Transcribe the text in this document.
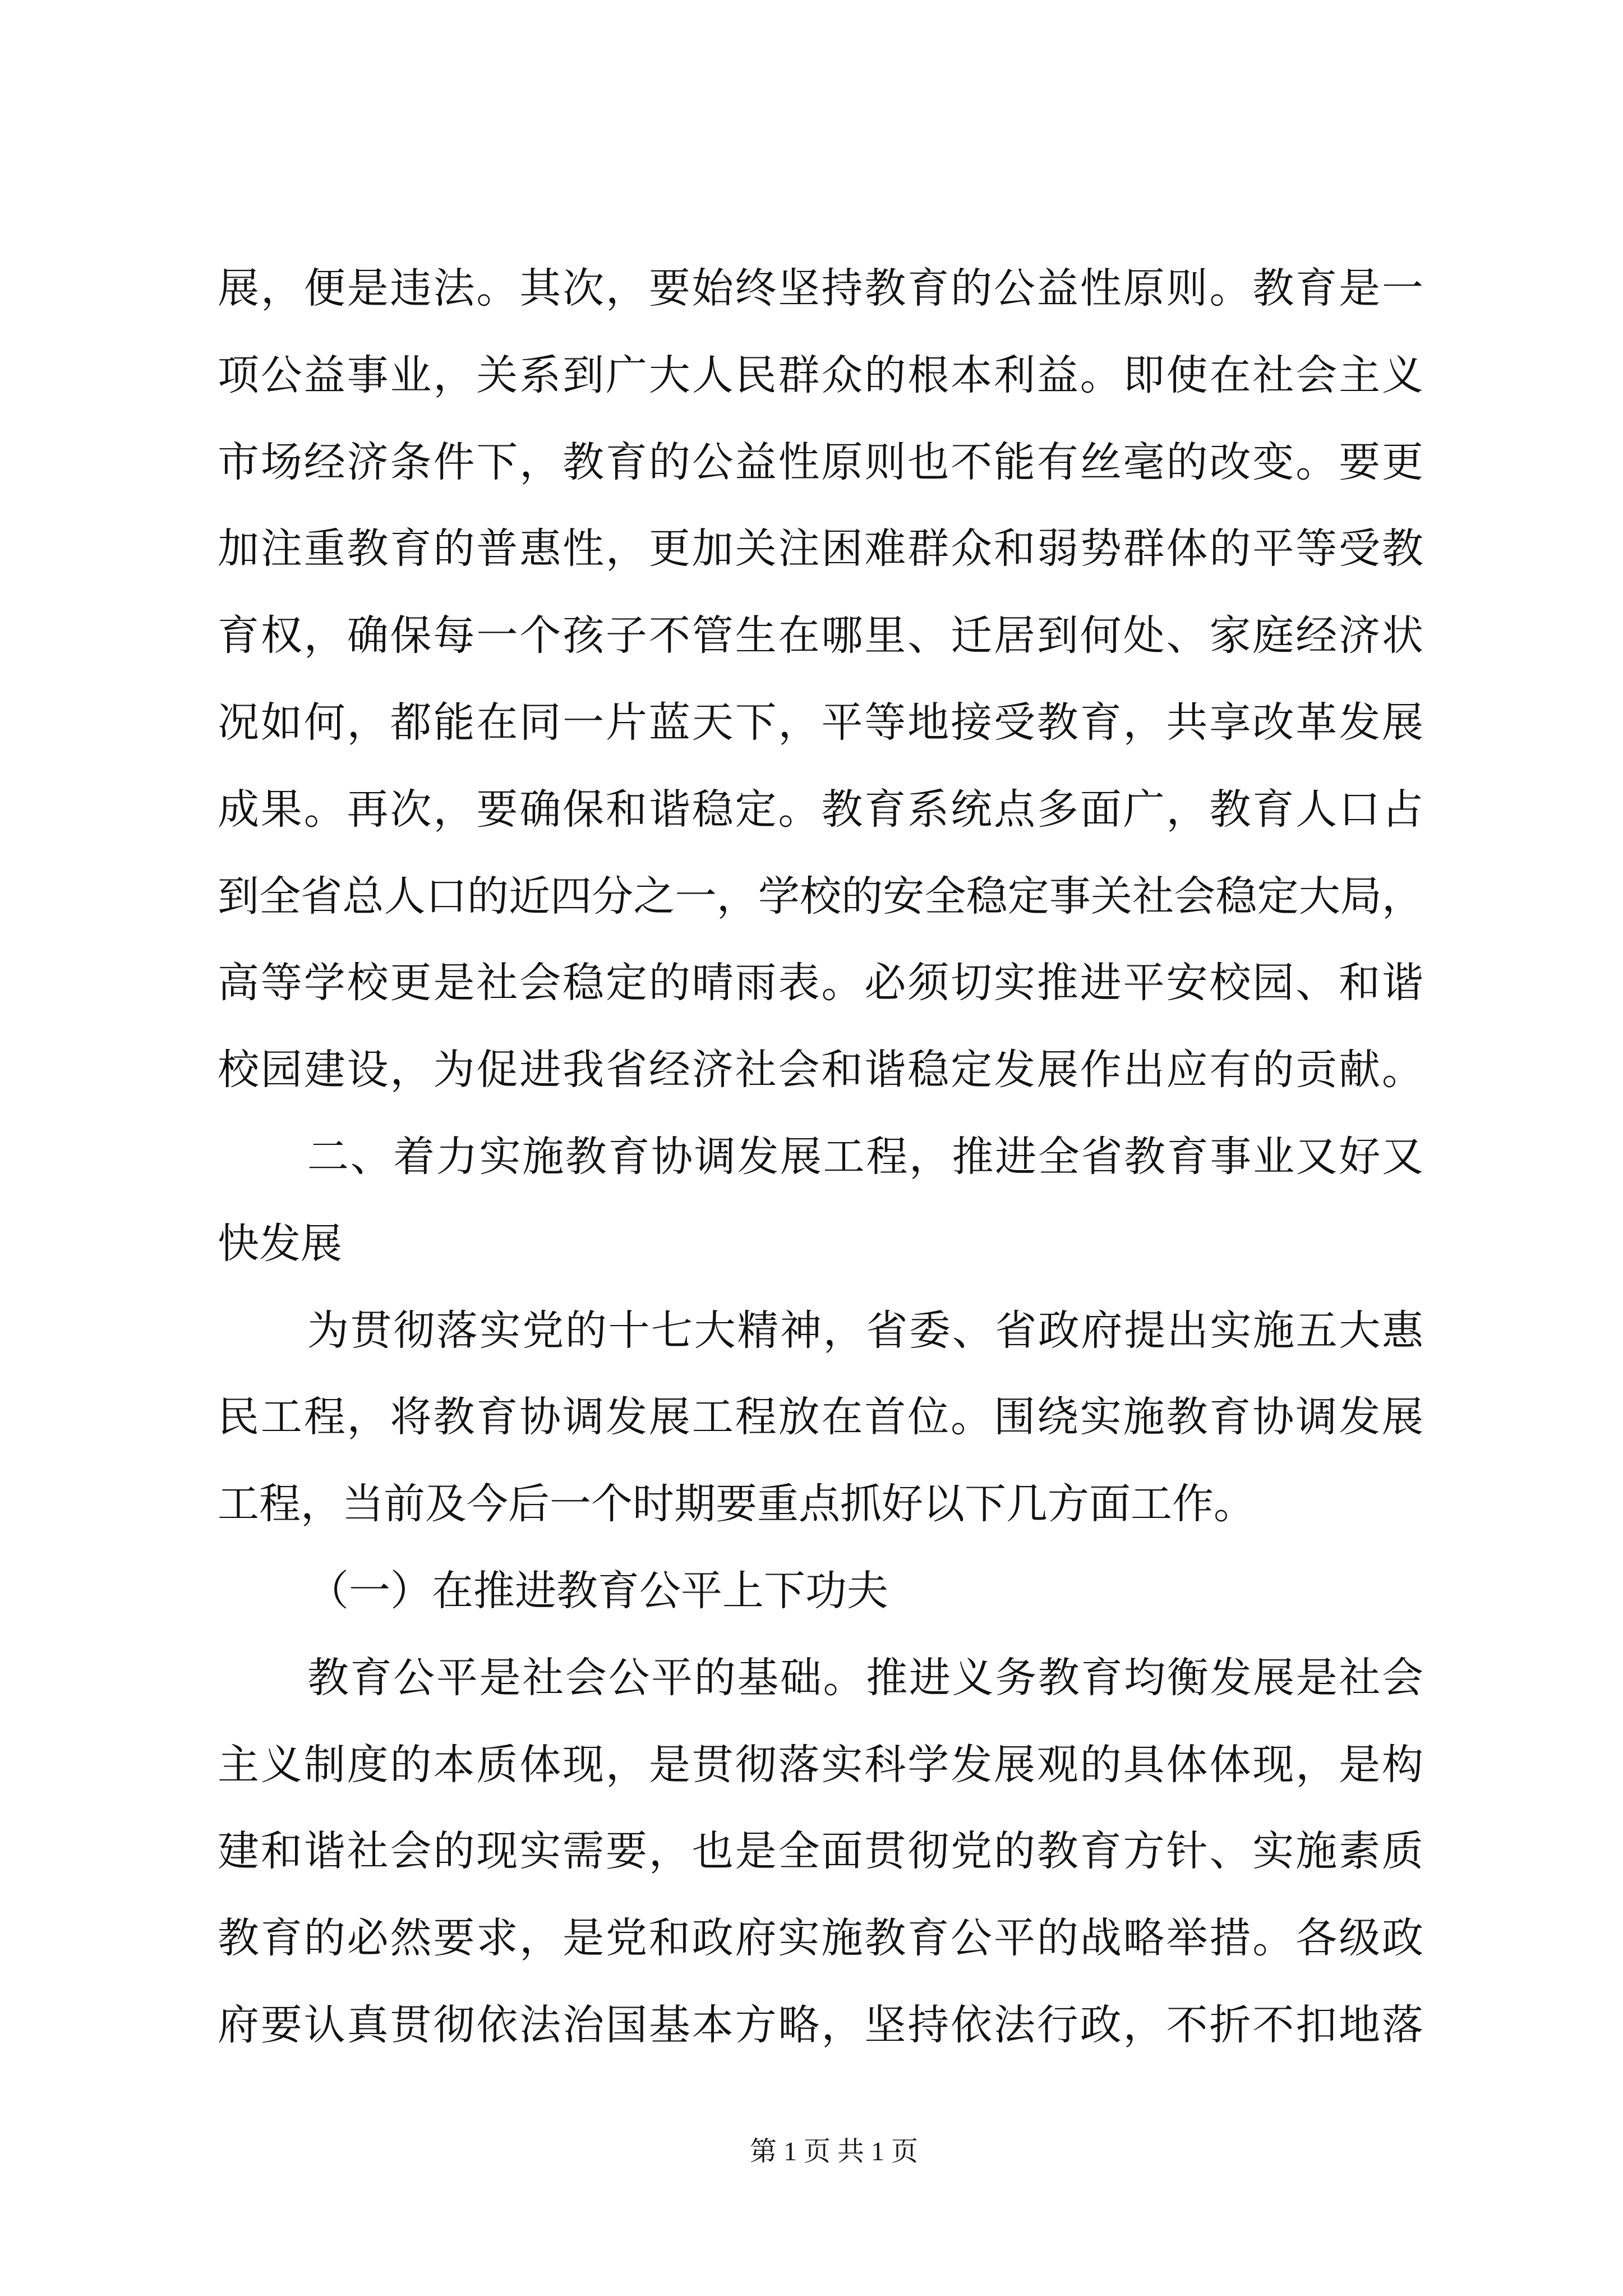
展，便是违法。其次，要始终坚持教育的公益性原则。教育是一
项公益事业，关系到广大人民群众的根本利益。即使在社会主义
市场经济条件下，教育的公益性原则也不能有丝毫的改变。要更
加注重教育的普惠性，更加关注困难群众和弱势群体的平等受教
育权，确保每一个孩子不管生在哪里、迁居到何处、家庭经济状
况如何，都能在同一片蓝天下，平等地接受教育，共享改革发展
成果。再次，要确保和谐稳定。教育系统点多面广，教育人口占
到全省总人口的近四分之一，学校的安全稳定事关社会稳定大局，
高等学校更是社会稳定的晴雨表。必须切实推进平安校园、和谐
校园建设，为促进我省经济社会和谐稳定发展作出应有的贡献。
二、着力实施教育协调发展工程，推进全省教育事业又好又
快发展
为贯彻落实党的十七大精神，省委、省政府提出实施五大惠
民工程，将教育协调发展工程放在首位。围绕实施教育协调发展
工程，当前及今后一个时期要重点抓好以下几方面工作。
（一）在推进教育公平上下功夫
教育公平是社会公平的基础。推进义务教育均衡发展是社会
主义制度的本质体现，是贯彻落实科学发展观的具体体现，是构
建和谐社会的现实需要，也是全面贯彻党的教育方针、实施素质
教育的必然要求，是党和政府实施教育公平的战略举措。各级政
府要认真贯彻依法治国基本方略，坚持依法行政，不折不扣地落
第 1 页 共 1 页
